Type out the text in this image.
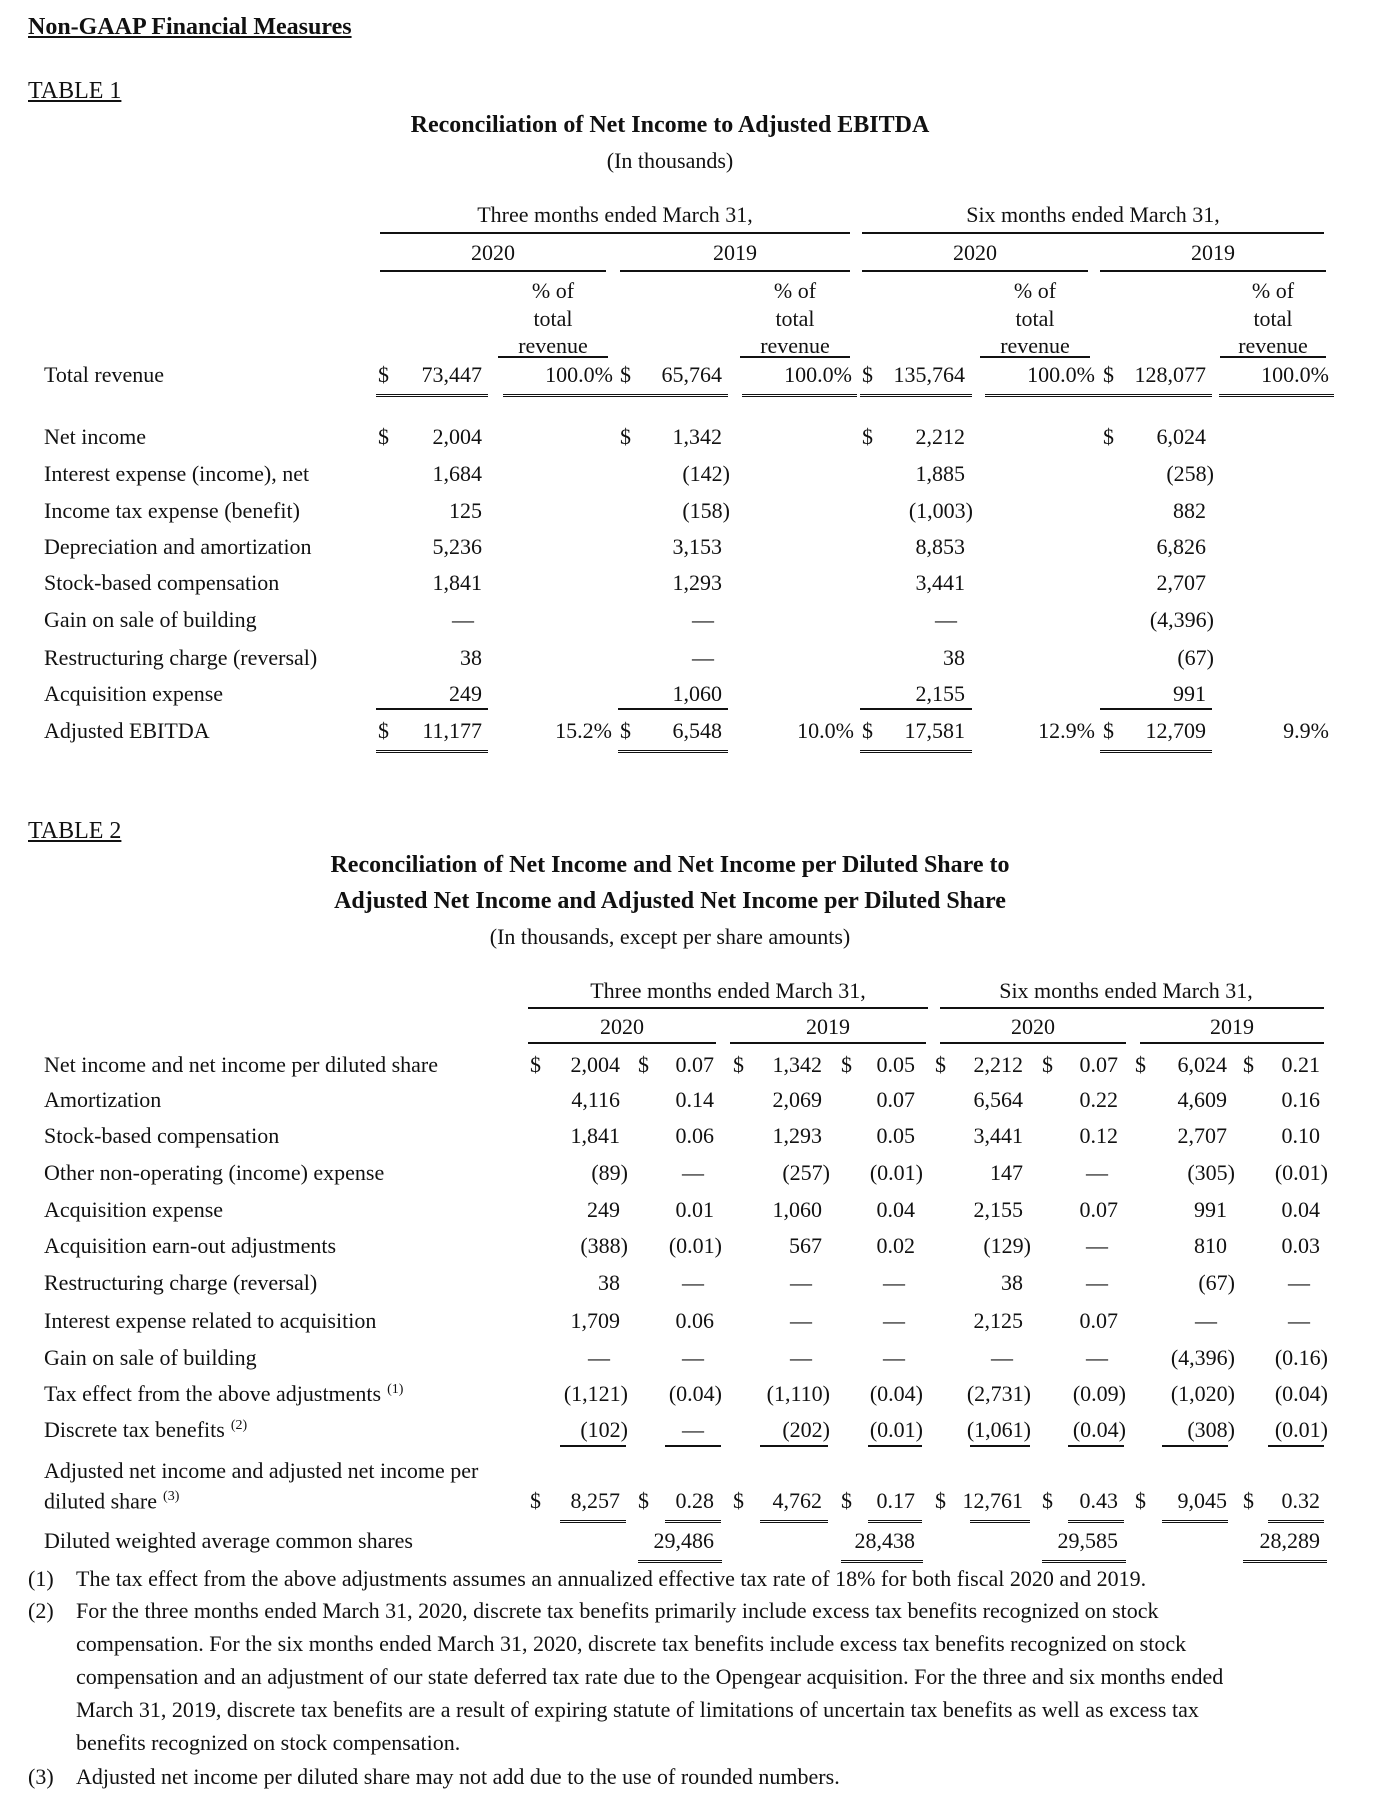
Non-GAAP Financial Measures
TABLE 1
Reconciliation of Net Income to Adjusted EBITDA
(In thousands)
Three months ended March 31,	Six months ended March 31,
2020	2019	2020	2019
% of
total
revenue
% of
total
revenue
% of
total
revenue
% of
total
revenue
Total revenue	$	73,447	100.0% $	65,764	100.0% $ 135,764	100.0% $ 128,077	100.0%
Net income	$	2,004	$	1,342	$	2,212	$	6,024
Interest expense (income), net	1,684	(142)	1,885	(258)
Income tax expense (benefit)	125	(158)	(1,003)	882
Depreciation and amortization	5,236	3,153	8,853	6,826
Stock-based compensation	1,841	1,293	3,441	2,707
Gain on sale of building	—	—	—	(4,396)
Restructuring charge (reversal)	38	—	38	(67)
Acquisition expense	249	1,060	2,155	991
Adjusted EBITDA	$	11,177	15.2% $	6,548	10.0% $	17,581	12.9% $	12,709	9.9%
TABLE 2
Reconciliation of Net Income and Net Income per Diluted Share to
Adjusted Net Income and Adjusted Net Income per Diluted Share
(In thousands, except per share amounts)
Three months ended March 31,	Six months ended March 31,
2020	2019	2020	2019
Net income and net income per diluted share	$	2,004 $	0.07 $	1,342 $	0.05 $	2,212 $	0.07 $	6,024 $	0.21
Amortization	4,116	0.14	2,069	0.07	6,564	0.22	4,609	0.16
Stock-based compensation	1,841	0.06	1,293	0.05	3,441	0.12	2,707	0.10
Other non-operating (income) expense	(89)	—	(257)	(0.01)	147	—	(305)	(0.01)
Acquisition expense	249	0.01	1,060	0.04	2,155	0.07	991	0.04
Acquisition earn-out adjustments	(388)	(0.01)	567	0.02	(129)	—	810	0.03
Restructuring charge (reversal)	38	—	—	—	38	—	(67)	—
Interest expense related to acquisition	1,709	0.06	—	—	2,125	0.07	—	—
Gain on sale of building	—	—	—	—	—	—	(4,396)	(0.16)
Tax effect from the above adjustments $^{(1)}$	(1,121)	(0.04)	(1,110)	(0.04)	(2,731)	(0.09)	(1,020)	(0.04)
Discrete tax benefits $^{(2)}$	(102)	—	(202)	(0.01)	(1,061)	(0.04)	(308)	(0.01)
Adjusted net income and adjusted net income per
diluted share $^{(3)}$	$	8,257 $	0.28 $	4,762 $	0.17 $ 12,761 $	0.43 $	9,045 $	0.32
Diluted weighted average common shares	29,486	28,438	29,585	28,289
(1) The tax effect from the above adjustments assumes an annualized effective tax rate of 18% for both fiscal 2020 and 2019.
(2) For the three months ended March 31, 2020, discrete tax benefits primarily include excess tax benefits recognized on stock
compensation. For the six months ended March 31, 2020, discrete tax benefits include excess tax benefits recognized on stock
compensation and an adjustment of our state deferred tax rate due to the Opengear acquisition. For the three and six months ended
March 31, 2019, discrete tax benefits are a result of expiring statute of limitations of uncertain tax benefits as well as excess tax
benefits recognized on stock compensation.
(3) Adjusted net income per diluted share may not add due to the use of rounded numbers.
